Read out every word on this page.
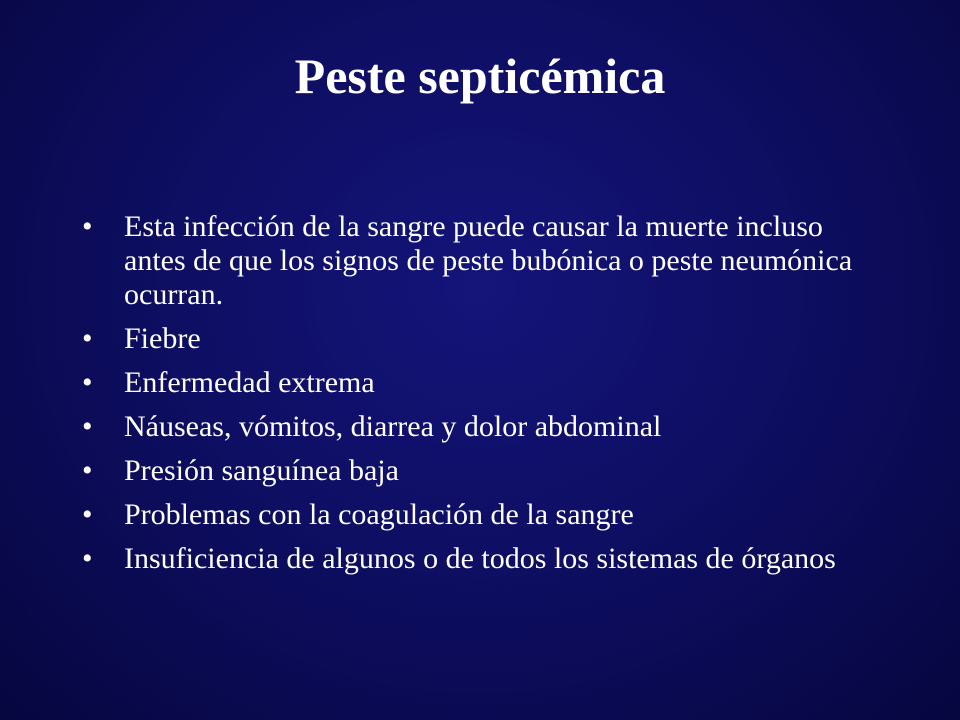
Peste septicémica
•	Esta infección de la sangre puede causar la muerte incluso antes de que los signos de peste bubónica o peste neumónica ocurran.
•	Fiebre
•	Enfermedad extrema
•	Náuseas, vómitos, diarrea y dolor abdominal
•	Presión sanguínea baja
•	Problemas con la coagulación de la sangre
•	Insuficiencia de algunos o de todos los sistemas de órganos
